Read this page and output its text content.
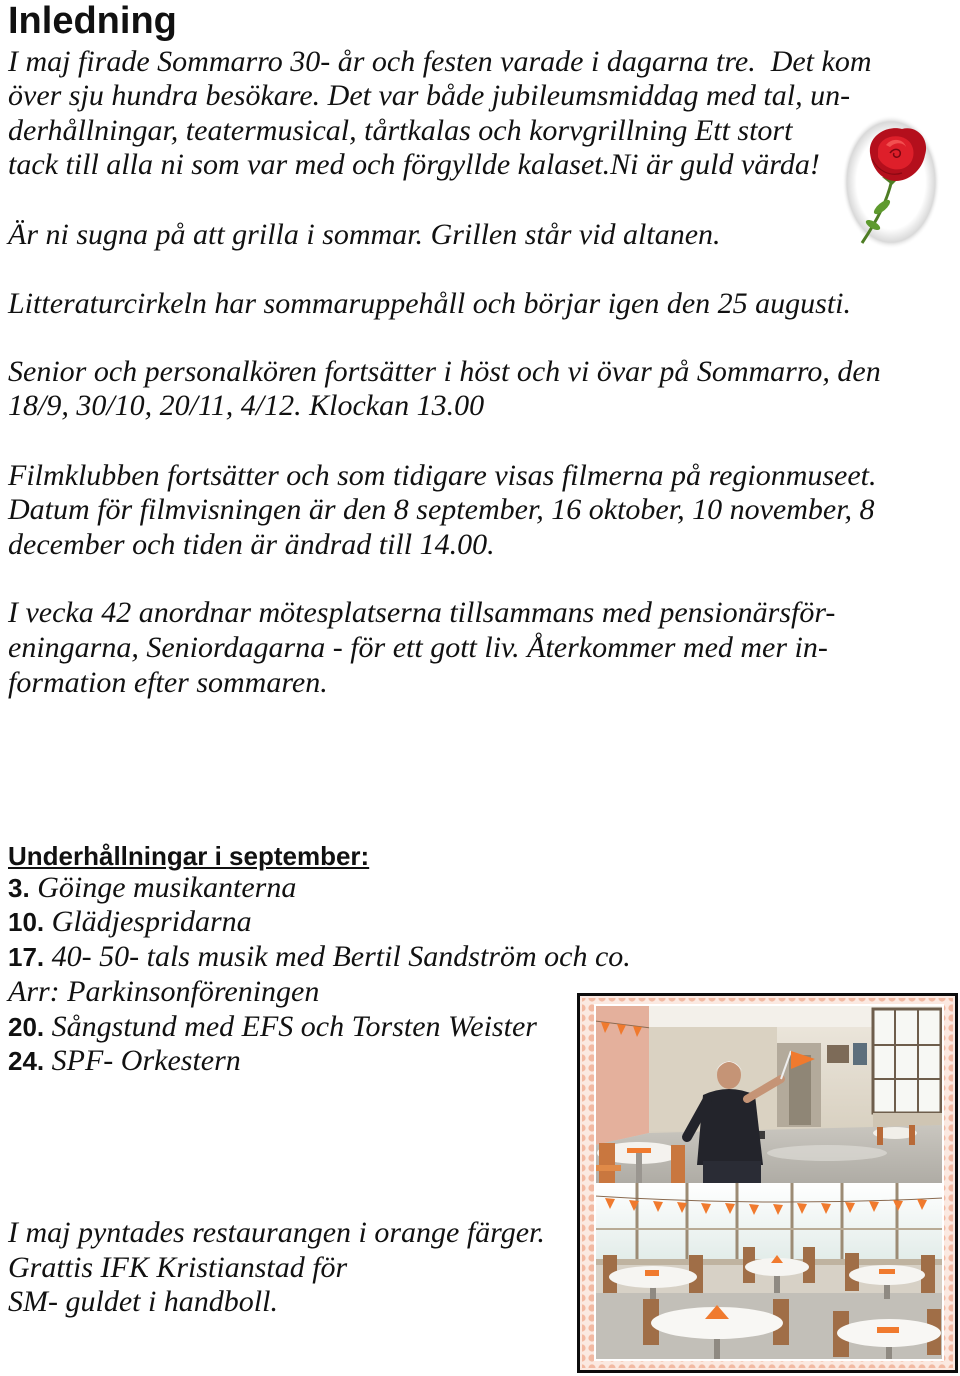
Inledning
I maj firade Sommarro 30- år och festen varade i dagarna tre.  Det kom
över sju hundra besökare. Det var både jubileumsmiddag med tal, un-
derhållningar, teatermusical, tårtkalas och korvgrillning Ett stort
tack till alla ni som var med och förgyllde kalaset.Ni är guld värda!
Är ni sugna på att grilla i sommar. Grillen står vid altanen.
Litteraturcirkeln har sommaruppehåll och börjar igen den 25 augusti.
Senior och personalkören fortsätter i höst och vi övar på Sommarro, den
18/9, 30/10, 20/11, 4/12. Klockan 13.00
Filmklubben fortsätter och som tidigare visas filmerna på regionmuseet.
Datum för filmvisningen är den 8 september, 16 oktober, 10 november, 8
december och tiden är ändrad till 14.00.
I vecka 42 anordnar mötesplatserna tillsammans med pensionärsför-
eningarna, Seniordagarna - för ett gott liv. Återkommer med mer in-
formation efter sommaren.
Underhållningar i september:
3. Göinge musikanterna
10. Glädjespridarna
17. 40- 50- tals musik med Bertil Sandström och co.
Arr: Parkinsonföreningen
20. Sångstund med EFS och Torsten Weister
24. SPF- Orkestern
I maj pyntades restaurangen i orange färger.
Grattis IFK Kristianstad för
SM- guldet i handboll.
